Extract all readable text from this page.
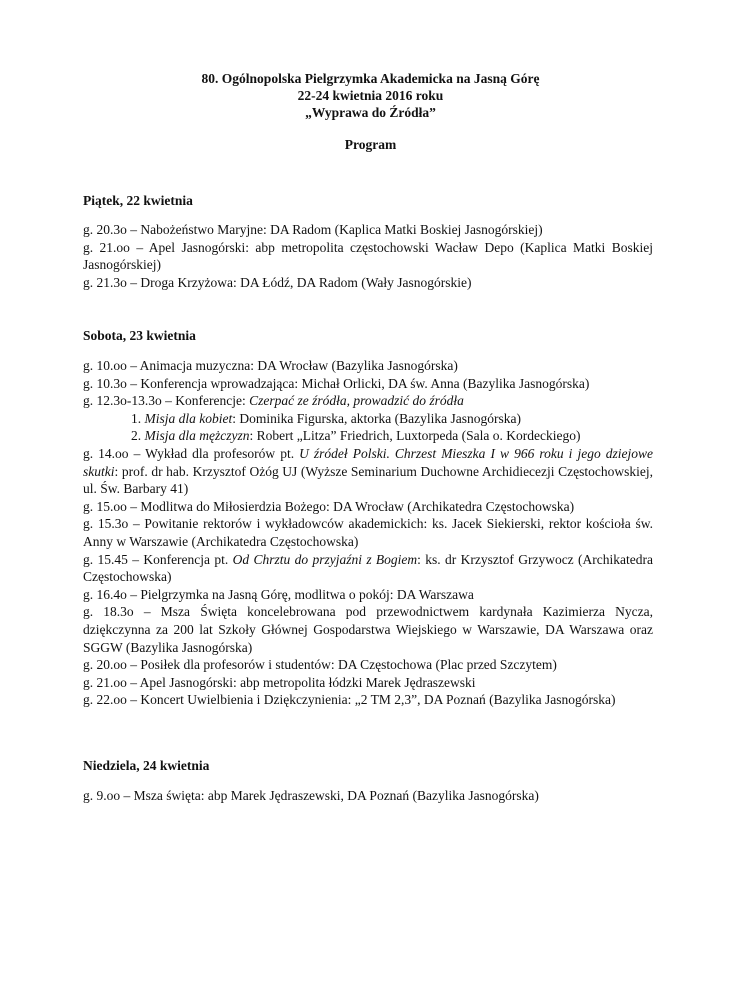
80. Ogólnopolska Pielgrzymka Akademicka na Jasną Górę
22-24 kwietnia 2016 roku
„Wyprawa do Źródła”
Program
Piątek, 22 kwietnia

g. 20.3o – Nabożeństwo Maryjne: DA Radom (Kaplica Matki Boskiej Jasnogórskiej)

g. 21.oo – Apel Jasnogórski: abp metropolita częstochowski Wacław Depo (Kaplica Matki Boskiej Jasnogórskiej)

g. 21.3o – Droga Krzyżowa: DA Łódź, DA Radom (Wały Jasnogórskie)

Sobota, 23 kwietnia

g. 10.oo – Animacja muzyczna: DA Wrocław (Bazylika Jasnogórska)

g. 10.3o – Konferencja wprowadzająca: Michał Orlicki, DA św. Anna (Bazylika Jasnogórska)

g. 12.3o-13.3o – Konferencje: Czerpać ze źródła, prowadzić do źródła

1. Misja dla kobiet: Dominika Figurska, aktorka (Bazylika Jasnogórska)

2. Misja dla mężczyzn: Robert „Litza” Friedrich, Luxtorpeda (Sala o. Kordeckiego)

g. 14.oo – Wykład dla profesorów pt. U źródeł Polski. Chrzest Mieszka I w 966 roku i jego dziejowe skutki: prof. dr hab. Krzysztof Ożóg UJ (Wyższe Seminarium Duchowne Archidiecezji Częstochowskiej, ul. Św. Barbary 41)

g. 15.oo – Modlitwa do Miłosierdzia Bożego: DA Wrocław (Archikatedra Częstochowska)

g. 15.3o – Powitanie rektorów i wykładowców akademickich: ks. Jacek Siekierski, rektor kościoła św. Anny w Warszawie (Archikatedra Częstochowska)

g. 15.45 – Konferencja pt. Od Chrztu do przyjaźni z Bogiem: ks. dr Krzysztof Grzywocz (Archikatedra Częstochowska)

g. 16.4o – Pielgrzymka na Jasną Górę, modlitwa o pokój: DA Warszawa

g. 18.3o – Msza Święta koncelebrowana pod przewodnictwem kardynała Kazimierza Nycza, dziękczynna za 200 lat Szkoły Głównej Gospodarstwa Wiejskiego w Warszawie, DA Warszawa oraz SGGW (Bazylika Jasnogórska)

g. 20.oo – Posiłek dla profesorów i studentów: DA Częstochowa (Plac przed Szczytem)

g. 21.oo – Apel Jasnogórski: abp metropolita łódzki Marek Jędraszewski

g. 22.oo – Koncert Uwielbienia i Dziękczynienia: „2 TM 2,3”, DA Poznań (Bazylika Jasnogórska)

Niedziela, 24 kwietnia

g. 9.oo – Msza święta: abp Marek Jędraszewski, DA Poznań (Bazylika Jasnogórska)
